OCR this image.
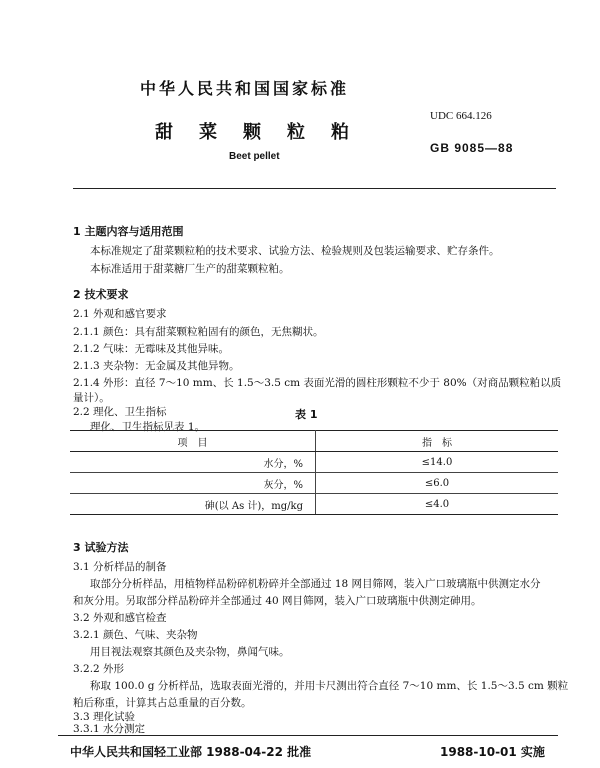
中华人民共和国国家标准
甜菜颗粒粕
Beet pellet
UDC 664.126
GB 9085—88
1 主题内容与适用范围
本标准规定了甜菜颗粒粕的技术要求、试验方法、检验规则及包装运输要求、贮存条件。
本标准适用于甜菜糖厂生产的甜菜颗粒粕。
2 技术要求
2.1 外观和感官要求
2.1.1 颜色：具有甜菜颗粒粕固有的颜色，无焦糊状。
2.1.2 气味：无霉味及其他异味。
2.1.3 夹杂物：无金属及其他异物。
2.1.4 外形：直径 7～10 mm、长 1.5～3.5 cm 表面光滑的圆柱形颗粒不少于 80%（对商品颗粒粕以质
量计）。
2.2 理化、卫生指标
理化、卫生指标见表 1。
表 1
项　目	指　标
水分，%	≤14.0
灰分，%	≤6.0
砷(以 As 计)，mg/kg	≤4.0
3 试验方法
3.1 分析样品的制备
取部分分析样品，用植物样品粉碎机粉碎并全部通过 18 网目筛网，装入广口玻璃瓶中供测定水分
和灰分用。另取部分样品粉碎并全部通过 40 网目筛网，装入广口玻璃瓶中供测定砷用。
3.2 外观和感官检查
3.2.1 颜色、气味、夹杂物
用目视法观察其颜色及夹杂物，鼻闻气味。
3.2.2 外形
称取 100.0 g 分析样品，选取表面光滑的，并用卡尺测出符合直径 7～10 mm、长 1.5～3.5 cm 颗粒
粕后称重，计算其占总重量的百分数。
3.3 理化试验
3.3.1 水分测定
中华人民共和国轻工业部 1988-04-22 批准	1988-10-01 实施
